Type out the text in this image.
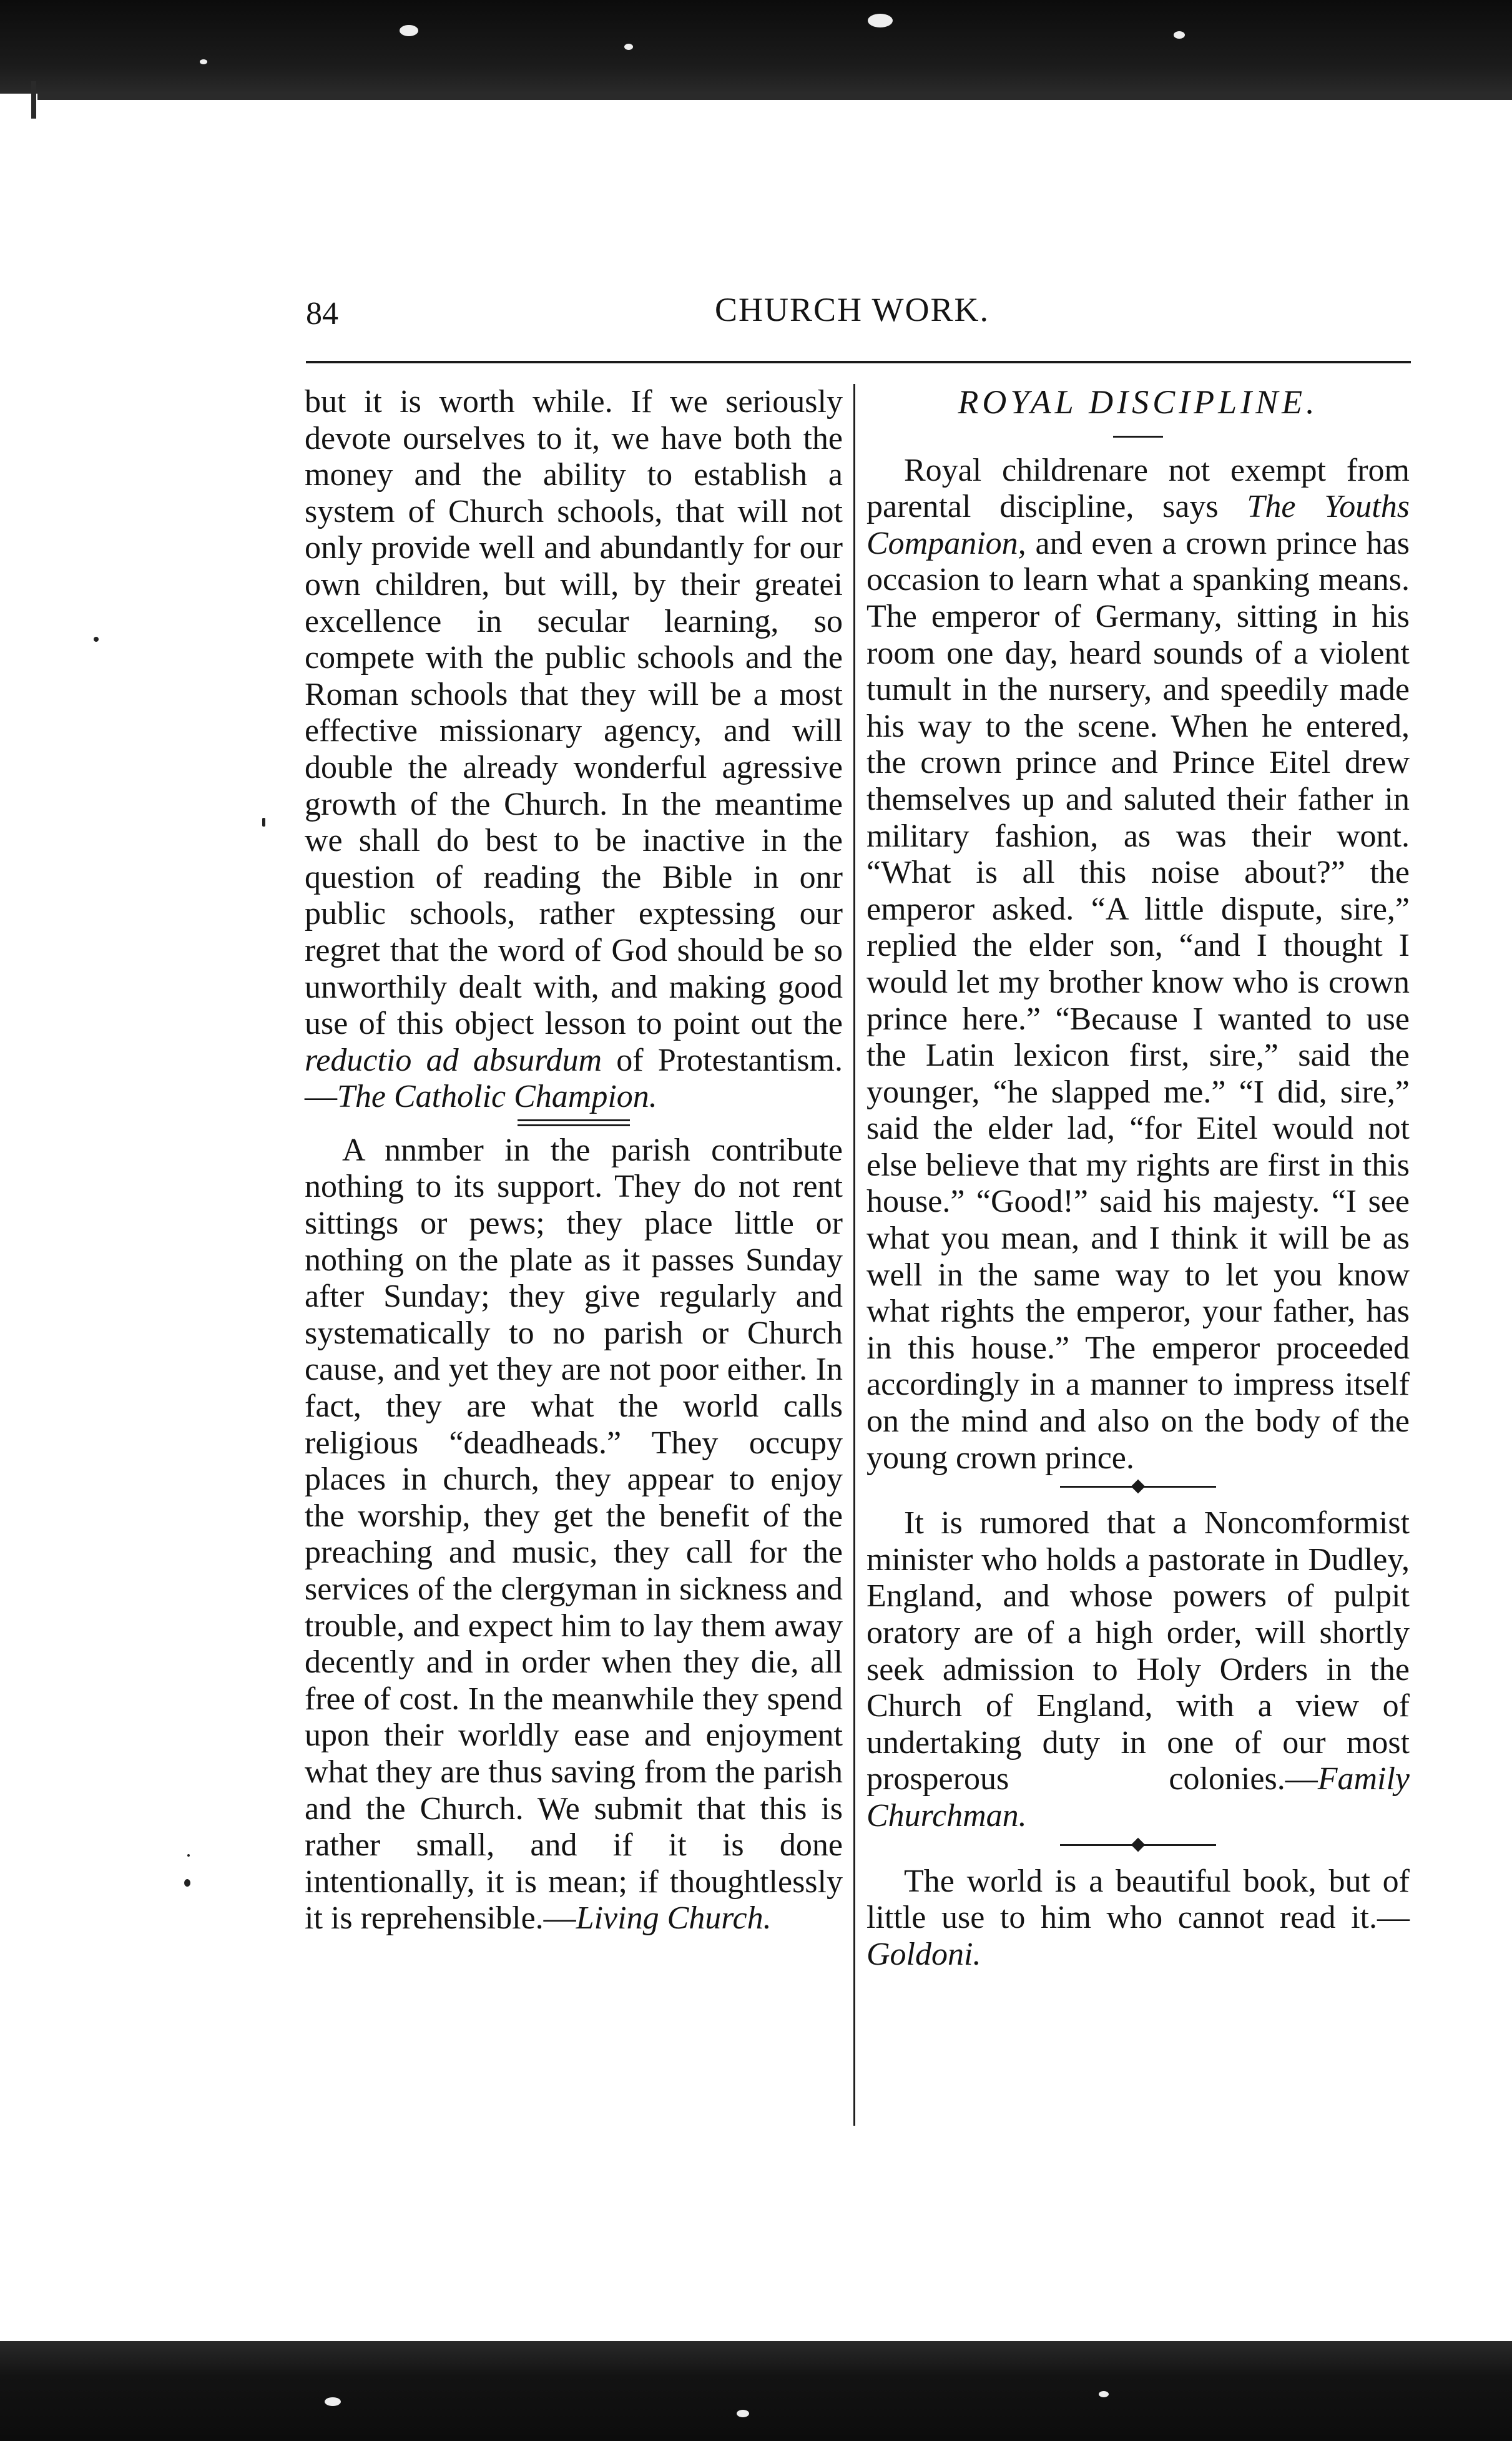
84	CHURCH WORK.

but it is worth while. If we seriously devote ourselves to it, we have both the money and the ability to establish a system of Church schools, that will not only provide well and abundantly for our own children, but will, by their greatei excellence in secular learning, so compete with the public schools and the Roman schools that they will be a most effective missionary agency, and will double the already wonderful agressive growth of the Church. In the meantime we shall do best to be inactive in the question of reading the Bible in onr public schools, rather exptessing our regret that the word of God should be so unworthily dealt with, and making good use of this object lesson to point out the reductio ad absurdum of Protestantism.—The Catholic Champion.

A nnmber in the parish contribute nothing to its support. They do not rent sittings or pews; they place little or nothing on the plate as it passes Sunday after Sunday; they give regularly and systematically to no parish or Church cause, and yet they are not poor either. In fact, they are what the world calls religious “deadheads.” They occupy places in church, they appear to enjoy the worship, they get the benefit of the preaching and music, they call for the services of the clergyman in sickness and trouble, and expect him to lay them away decently and in order when they die, all free of cost. In the meanwhile they spend upon their worldly ease and enjoyment what they are thus saving from the parish and the Church. We submit that this is rather small, and if it is done intentionally, it is mean; if thoughtlessly it is reprehensible.—Living Church.

ROYAL DISCIPLINE.

Royal childrenare not exempt from parental discipline, says The Youths Companion, and even a crown prince has occasion to learn what a spanking means. The emperor of Germany, sitting in his room one day, heard sounds of a violent tumult in the nursery, and speedily made his way to the scene. When he entered, the crown prince and Prince Eitel drew themselves up and saluted their father in military fashion, as was their wont. “What is all this noise about?” the emperor asked. “A little dispute, sire,” replied the elder son, “and I thought I would let my brother know who is crown prince here.” “Because I wanted to use the Latin lexicon first, sire,” said the younger, “he slapped me.” “I did, sire,” said the elder lad, “for Eitel would not else believe that my rights are first in this house.” “Good!” said his majesty. “I see what you mean, and I think it will be as well in the same way to let you know what rights the emperor, your father, has in this house.” The emperor proceeded accordingly in a manner to impress itself on the mind and also on the body of the young crown prince.

It is rumored that a Noncomformist minister who holds a pastorate in Dudley, England, and whose powers of pulpit oratory are of a high order, will shortly seek admission to Holy Orders in the Church of England, with a view of undertaking duty in one of our most prosperous colonies.—Family Churchman.

The world is a beautiful book, but of little use to him who cannot read it.—Goldoni.
